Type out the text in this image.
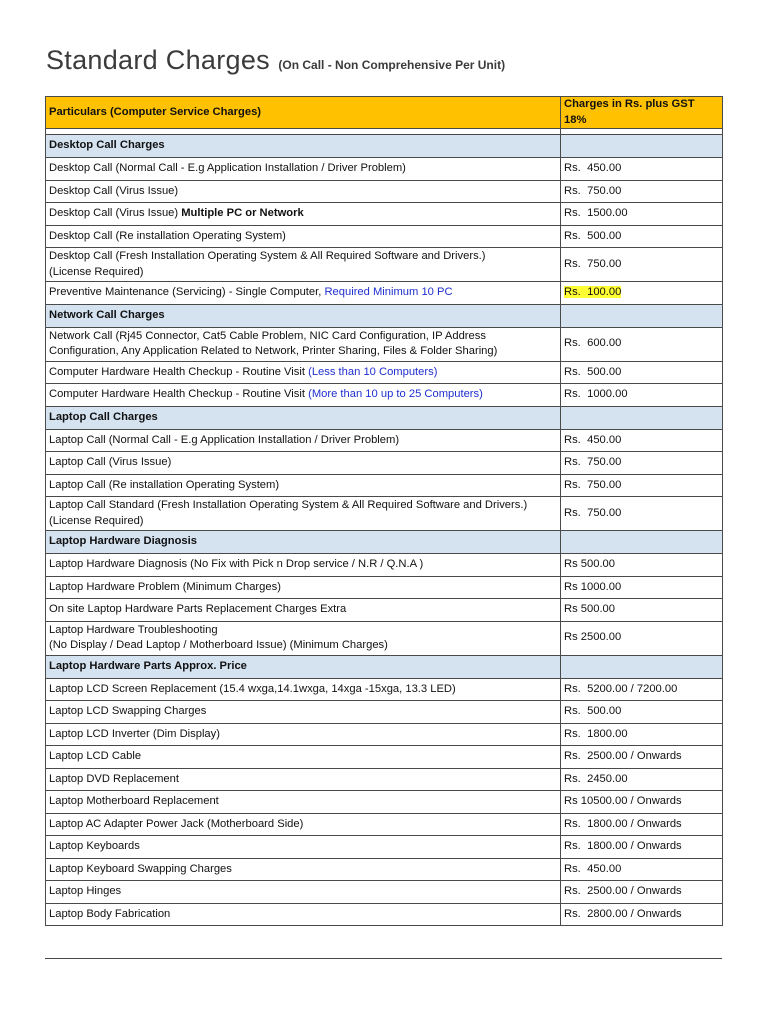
Standard Charges (On Call - Non Comprehensive Per Unit)
Particulars (Computer Service Charges)	Charges in Rs. plus GST 18%

Desktop Call Charges	
Desktop Call (Normal Call - E.g Application Installation / Driver Problem)	Rs. 450.00
Desktop Call (Virus Issue)	Rs. 750.00
Desktop Call (Virus Issue) Multiple PC or Network	Rs. 1500.00
Desktop Call (Re installation Operating System)	Rs. 500.00

Desktop Call (Fresh Installation Operating System & All Required Software and Drivers.)
(License Required)	Rs. 750.00
Preventive Maintenance (Servicing) - Single Computer, Required Minimum 10 PC	Rs. 100.00
Network Call Charges	

Network Call (Rj45 Connector, Cat5 Cable Problem, NIC Card Configuration, IP Address
Configuration, Any Application Related to Network, Printer Sharing, Files & Folder Sharing)	Rs. 600.00
Computer Hardware Health Checkup - Routine Visit (Less than 10 Computers)	Rs. 500.00
Computer Hardware Health Checkup - Routine Visit (More than 10 up to 25 Computers)	Rs. 1000.00
Laptop Call Charges	
Laptop Call (Normal Call - E.g Application Installation / Driver Problem)	Rs. 450.00
Laptop Call (Virus Issue)	Rs. 750.00
Laptop Call (Re installation Operating System)	Rs. 750.00

Laptop Call Standard (Fresh Installation Operating System & All Required Software and Drivers.)
(License Required)	Rs. 750.00
Laptop Hardware Diagnosis	
Laptop Hardware Diagnosis (No Fix with Pick n Drop service / N.R / Q.N.A )	Rs 500.00
Laptop Hardware Problem (Minimum Charges)	Rs 1000.00
On site Laptop Hardware Parts Replacement Charges Extra	Rs 500.00

Laptop Hardware Troubleshooting
(No Display / Dead Laptop / Motherboard Issue) (Minimum Charges)	Rs 2500.00
Laptop Hardware Parts Approx. Price	
Laptop LCD Screen Replacement (15.4 wxga,14.1wxga, 14xga -15xga, 13.3 LED)	Rs. 5200.00 / 7200.00
Laptop LCD Swapping Charges	Rs. 500.00
Laptop LCD Inverter (Dim Display)	Rs. 1800.00
Laptop LCD Cable	Rs. 2500.00 / Onwards
Laptop DVD Replacement	Rs. 2450.00
Laptop Motherboard Replacement	Rs 10500.00 / Onwards
Laptop AC Adapter Power Jack (Motherboard Side)	Rs. 1800.00 / Onwards
Laptop Keyboards	Rs. 1800.00 / Onwards
Laptop Keyboard Swapping Charges	Rs. 450.00
Laptop Hinges	Rs. 2500.00 / Onwards
Laptop Body Fabrication	Rs. 2800.00 / Onwards
